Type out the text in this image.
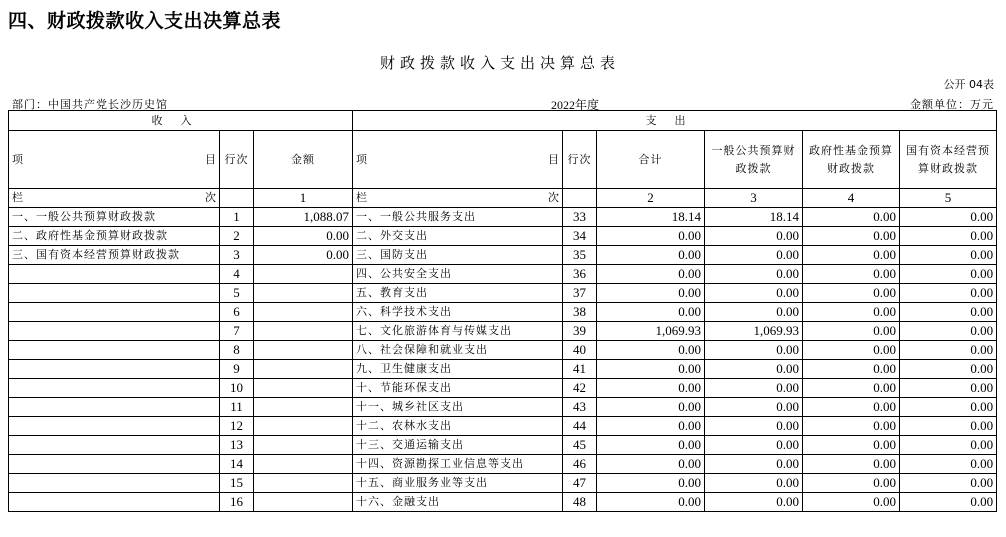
四、财政拨款收入支出决算总表
财政拨款收入支出决算总表
公开 04表
部门：中国共产党长沙历史馆	2022年度	金额单位：万元
收入			支出					

项 目	行次	金额	项 目	行次	合计	一般公共预算财政拨款	政府性基金预算财政拨款	国有资本经营预算财政拨款

栏 次		1	栏 次		2	3	4	5
一、一般公共预算财政拨款	1	1,088.07	一、一般公共服务支出	33	18.14	18.14	0.00	0.00
二、政府性基金预算财政拨款	2	0.00	二、外交支出	34	0.00	0.00	0.00	0.00
三、国有资本经营预算财政拨款	3	0.00	三、国防支出	35	0.00	0.00	0.00	0.00
	4		四、公共安全支出	36	0.00	0.00	0.00	0.00
	5		五、教育支出	37	0.00	0.00	0.00	0.00
	6		六、科学技术支出	38	0.00	0.00	0.00	0.00
	7		七、文化旅游体育与传媒支出	39	1,069.93	1,069.93	0.00	0.00
	8		八、社会保障和就业支出	40	0.00	0.00	0.00	0.00
	9		九、卫生健康支出	41	0.00	0.00	0.00	0.00
	10		十、节能环保支出	42	0.00	0.00	0.00	0.00
	11		十一、城乡社区支出	43	0.00	0.00	0.00	0.00
	12		十二、农林水支出	44	0.00	0.00	0.00	0.00
	13		十三、交通运输支出	45	0.00	0.00	0.00	0.00
	14		十四、资源勘探工业信息等支出	46	0.00	0.00	0.00	0.00
	15		十五、商业服务业等支出	47	0.00	0.00	0.00	0.00
	16		十六、金融支出	48	0.00	0.00	0.00	0.00
